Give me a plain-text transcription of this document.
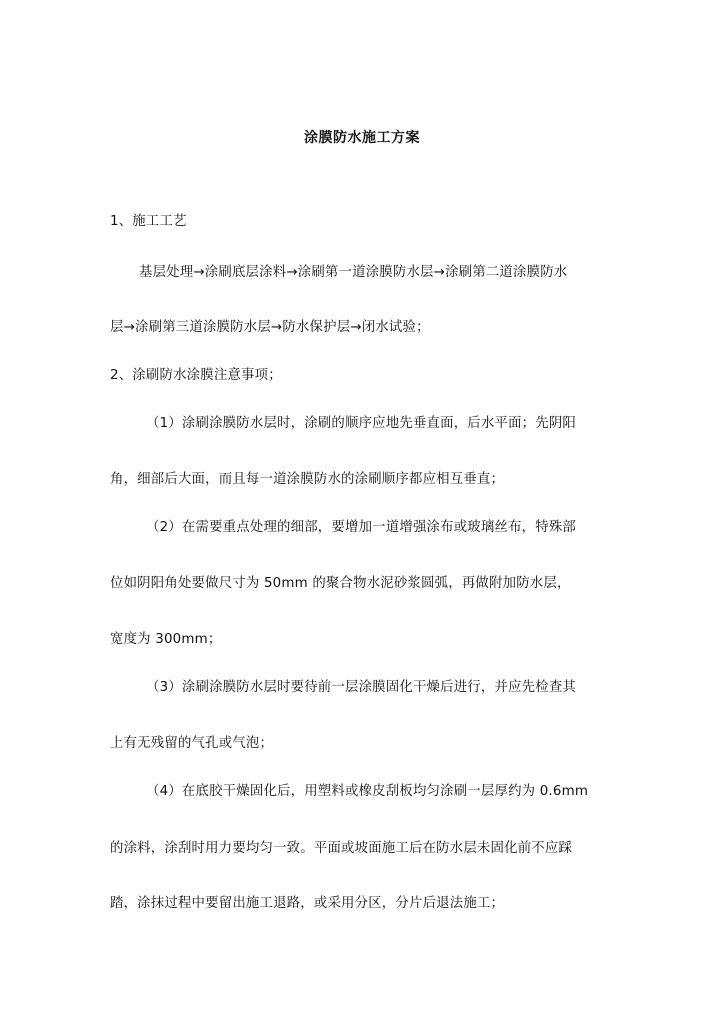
涂膜防水施工方案
1、施工工艺
基层处理→涂刷底层涂料→涂刷第一道涂膜防水层→涂刷第二道涂膜防水
层→涂刷第三道涂膜防水层→防水保护层→闭水试验；
2、涂刷防水涂膜注意事项；
（1）涂刷涂膜防水层时，涂刷的顺序应地先垂直面，后水平面；先阴阳
角，细部后大面，而且每一道涂膜防水的涂刷顺序都应相互垂直；
（2）在需要重点处理的细部，要增加一道增强涂布或玻璃丝布，特殊部
位如阴阳角处要做尺寸为 50mm 的聚合物水泥砂浆圆弧，再做附加防水层，
宽度为 300mm；
（3）涂刷涂膜防水层时要待前一层涂膜固化干燥后进行，并应先检查其
上有无残留的气孔或气泡；
（4）在底胶干燥固化后，用塑料或橡皮刮板均匀涂刷一层厚约为 0.6mm
的涂料，涂刮时用力要均匀一致。平面或坡面施工后在防水层未固化前不应踩
踏，涂抹过程中要留出施工退路，或采用分区，分片后退法施工；
